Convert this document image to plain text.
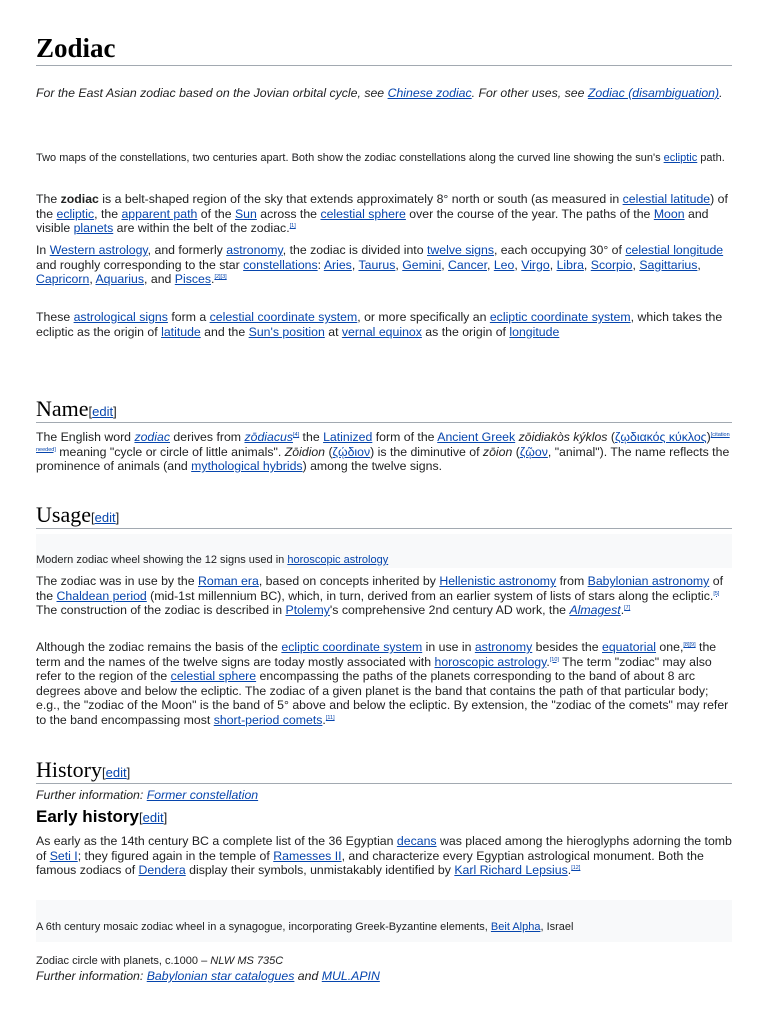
Zodiac
For the East Asian zodiac based on the Jovian orbital cycle, see Chinese zodiac. For other uses, see Zodiac (disambiguation).
Two maps of the constellations, two centuries apart. Both show the zodiac constellations along the curved line showing the sun's ecliptic path.

The zodiac is a belt-shaped region of the sky that extends approximately 8° north or south (as measured in celestial latitude) of the ecliptic, the apparent path of the Sun across the celestial sphere over the course of the year. The paths of the Moon and visible planets are within the belt of the zodiac.[1]

In Western astrology, and formerly astronomy, the zodiac is divided into twelve signs, each occupying 30° of celestial longitude and roughly corresponding to the star constellations: Aries, Taurus, Gemini, Cancer, Leo, Virgo, Libra, Scorpio, Sagittarius, Capricorn, Aquarius, and Pisces.[2][3]

These astrological signs form a celestial coordinate system, or more specifically an ecliptic coordinate system, which takes the ecliptic as the origin of latitude and the Sun's position at vernal equinox as the origin of longitude

Name[edit]

The English word zodiac derives from zōdiacus[4] the Latinized form of the Ancient Greek zōidiakòs kýklos (ζῳδιακός κύκλος)[citation needed] meaning "cycle or circle of little animals". Zōidion (ζῴδιον) is the diminutive of zōion (ζῷον, "animal"). The name reflects the prominence of animals (and mythological hybrids) among the twelve signs.

Usage[edit]
Modern zodiac wheel showing the 12 signs used in horoscopic astrology

The zodiac was in use by the Roman era, based on concepts inherited by Hellenistic astronomy from Babylonian astronomy of the Chaldean period (mid-1st millennium BC), which, in turn, derived from an earlier system of lists of stars along the ecliptic.[5] The construction of the zodiac is described in Ptolemy's comprehensive 2nd century AD work, the Almagest.[7]

Although the zodiac remains the basis of the ecliptic coordinate system in use in astronomy besides the equatorial one,[8][9] the term and the names of the twelve signs are today mostly associated with horoscopic astrology.[10] The term "zodiac" may also refer to the region of the celestial sphere encompassing the paths of the planets corresponding to the band of about 8 arc degrees above and below the ecliptic. The zodiac of a given planet is the band that contains the path of that particular body; e.g., the "zodiac of the Moon" is the band of 5° above and below the ecliptic. By extension, the "zodiac of the comets" may refer to the band encompassing most short-period comets.[11]

History[edit]
Further information: Former constellation
Early history[edit]

As early as the 14th century BC a complete list of the 36 Egyptian decans was placed among the hieroglyphs adorning the tomb of Seti I; they figured again in the temple of Ramesses II, and characterize every Egyptian astrological monument. Both the famous zodiacs of Dendera display their symbols, unmistakably identified by Karl Richard Lepsius.[12]

A 6th century mosaic zodiac wheel in a synagogue, incorporating Greek-Byzantine elements, Beit Alpha, Israel
Zodiac circle with planets, c.1000 – NLW MS 735C
Further information: Babylonian star catalogues and MUL.APIN
